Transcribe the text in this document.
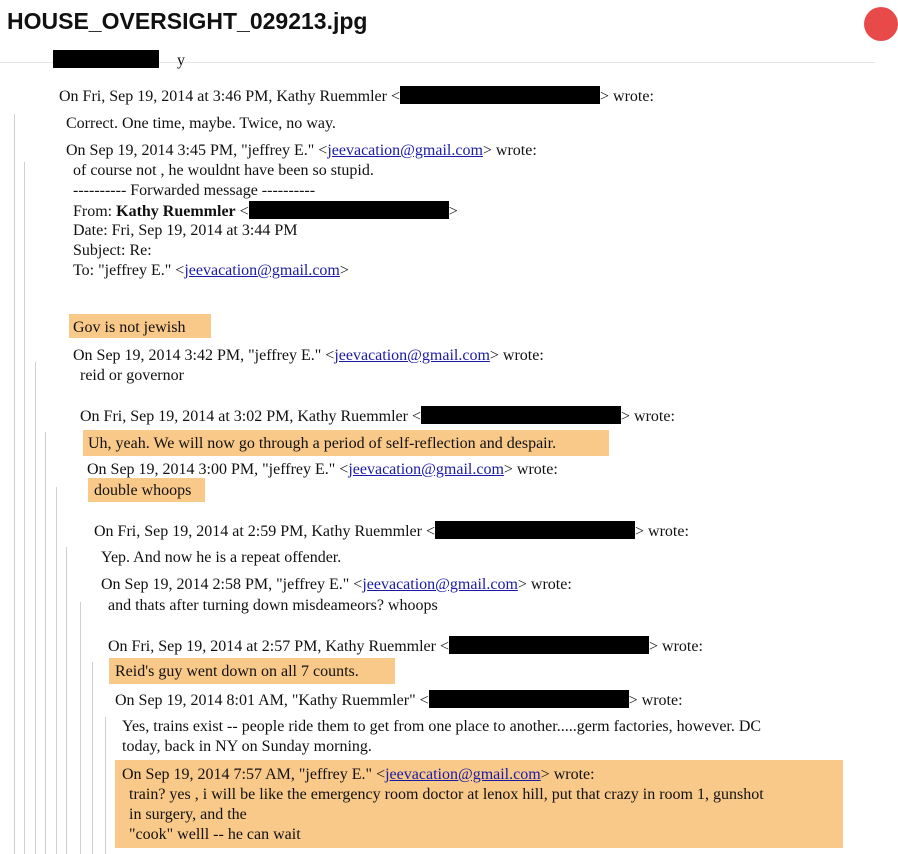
HOUSE_OVERSIGHT_029213.jpg
y
On Fri, Sep 19, 2014 at 3:46 PM, Kathy Ruemmler <	> wrote:
Correct. One time, maybe. Twice, no way.
On Sep 19, 2014 3:45 PM, "jeffrey E." <jeevacation@gmail.com> wrote:
of course not , he wouldnt have been so stupid.
---------- Forwarded message ----------
From: Kathy Ruemmler <	>
Date: Fri, Sep 19, 2014 at 3:44 PM
Subject: Re:
To: "jeffrey E." <jeevacation@gmail.com>
Gov is not jewish
On Sep 19, 2014 3:42 PM, "jeffrey E." <jeevacation@gmail.com> wrote:
reid or governor
On Fri, Sep 19, 2014 at 3:02 PM, Kathy Ruemmler <	> wrote:
Uh, yeah. We will now go through a period of self-reflection and despair.
On Sep 19, 2014 3:00 PM, "jeffrey E." <jeevacation@gmail.com> wrote:
double whoops
On Fri, Sep 19, 2014 at 2:59 PM, Kathy Ruemmler <	> wrote:
Yep. And now he is a repeat offender.
On Sep 19, 2014 2:58 PM, "jeffrey E." <jeevacation@gmail.com> wrote:
and thats after turning down misdeameors? whoops
On Fri, Sep 19, 2014 at 2:57 PM, Kathy Ruemmler <	> wrote:
Reid's guy went down on all 7 counts.
On Sep 19, 2014 8:01 AM, "Kathy Ruemmler" <	> wrote:
Yes, trains exist -- people ride them to get from one place to another.....germ factories, however. DC
today, back in NY on Sunday morning.
On Sep 19, 2014 7:57 AM, "jeffrey E." <jeevacation@gmail.com> wrote:
train? yes , i will be like the emergency room doctor at lenox hill, put that crazy in room 1, gunshot
in surgery, and the
"cook" welll -- he can wait
